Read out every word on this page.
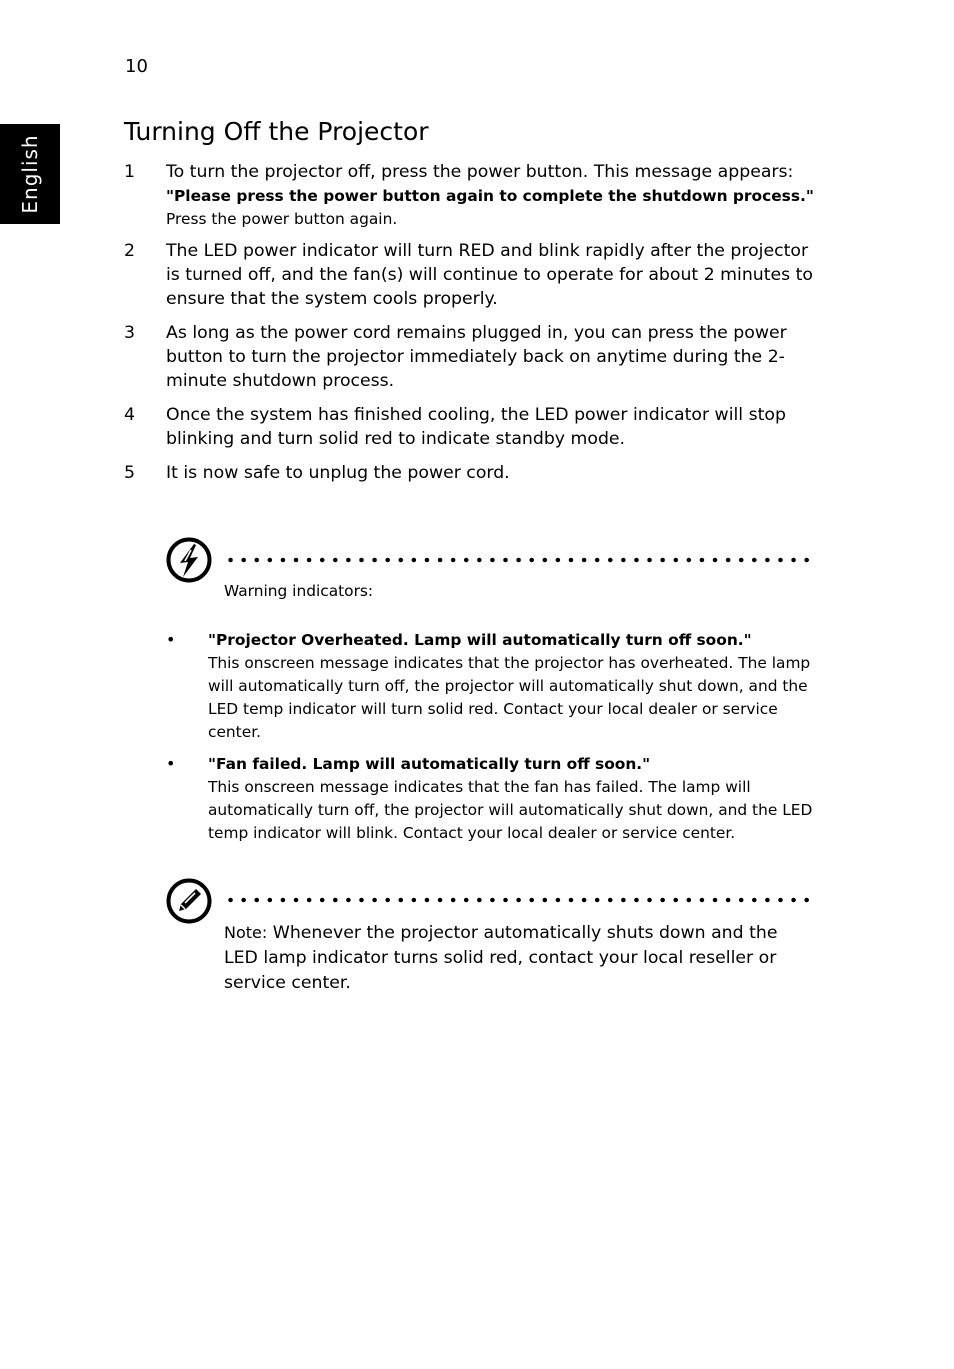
10
English
Turning Off the Projector
1 To turn the projector off, press the power button. This message appears:
"Please press the power button again to complete the shutdown process."
Press the power button again.
2 The LED power indicator will turn RED and blink rapidly after the projector is turned off, and the fan(s) will continue to operate for about 2 minutes to ensure that the system cools properly.
3 As long as the power cord remains plugged in, you can press the power button to turn the projector immediately back on anytime during the 2-minute shutdown process.
4 Once the system has finished cooling, the LED power indicator will stop blinking and turn solid red to indicate standby mode.
5 It is now safe to unplug the power cord.
Warning indicators:
• "Projector Overheated. Lamp will automatically turn off soon."
This onscreen message indicates that the projector has overheated. The lamp will automatically turn off, the projector will automatically shut down, and the LED temp indicator will turn solid red. Contact your local dealer or service center.
• "Fan failed. Lamp will automatically turn off soon."
This onscreen message indicates that the fan has failed. The lamp will automatically turn off, the projector will automatically shut down, and the LED temp indicator will blink. Contact your local dealer or service center.
Note: Whenever the projector automatically shuts down and the LED lamp indicator turns solid red, contact your local reseller or service center.
